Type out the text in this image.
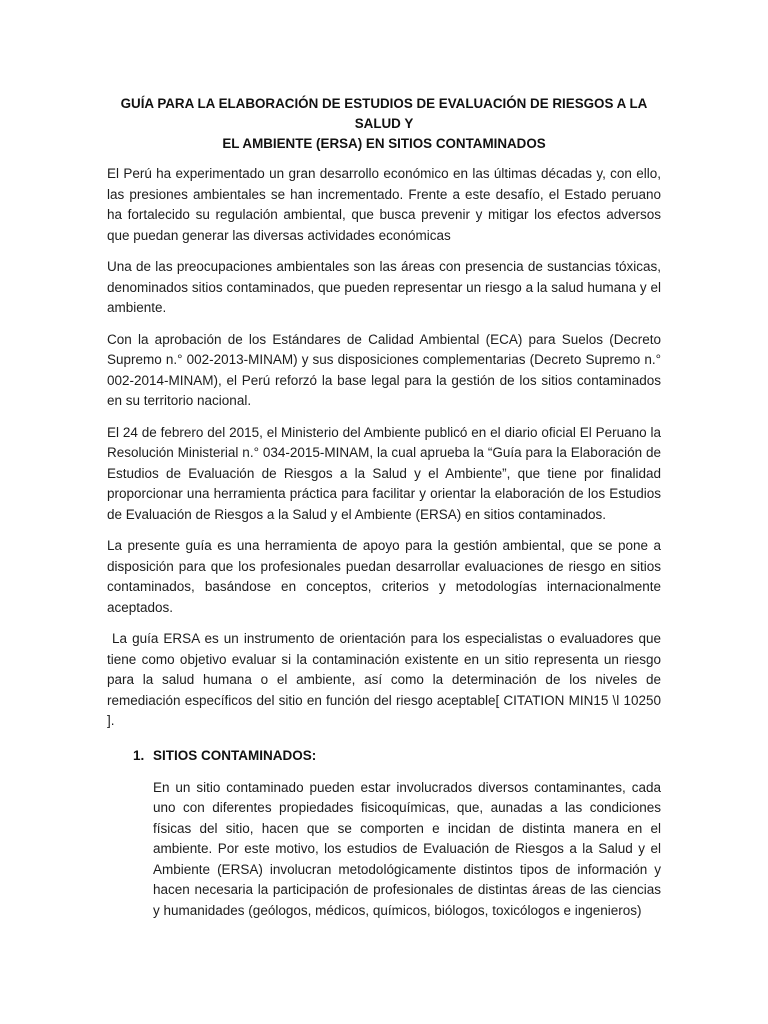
GUÍA PARA LA ELABORACIÓN DE ESTUDIOS DE EVALUACIÓN DE RIESGOS A LA SALUD Y
EL AMBIENTE (ERSA) EN SITIOS CONTAMINADOS

El Perú ha experimentado un gran desarrollo económico en las últimas décadas y, con ello, las presiones ambientales se han incrementado. Frente a este desafío, el Estado peruano ha fortalecido su regulación ambiental, que busca prevenir y mitigar los efectos adversos que puedan generar las diversas actividades económicas

Una de las preocupaciones ambientales son las áreas con presencia de sustancias tóxicas, denominados sitios contaminados, que pueden representar un riesgo a la salud humana y el ambiente.

Con la aprobación de los Estándares de Calidad Ambiental (ECA) para Suelos (Decreto Supremo n.° 002-2013-MINAM) y sus disposiciones complementarias (Decreto Supremo n.° 002-2014-MINAM), el Perú reforzó la base legal para la gestión de los sitios contaminados en su territorio nacional.

El 24 de febrero del 2015, el Ministerio del Ambiente publicó en el diario oficial El Peruano la Resolución Ministerial n.° 034-2015-MINAM, la cual aprueba la “Guía para la Elaboración de Estudios de Evaluación de Riesgos a la Salud y el Ambiente”, que tiene por finalidad proporcionar una herramienta práctica para facilitar y orientar la elaboración de los Estudios de Evaluación de Riesgos a la Salud y el Ambiente (ERSA) en sitios contaminados.

La presente guía es una herramienta de apoyo para la gestión ambiental, que se pone a disposición para que los profesionales puedan desarrollar evaluaciones de riesgo en sitios contaminados, basándose en conceptos, criterios y metodologías internacionalmente aceptados.

La guía ERSA es un instrumento de orientación para los especialistas o evaluadores que tiene como objetivo evaluar si la contaminación existente en un sitio representa un riesgo para la salud humana o el ambiente, así como la determinación de los niveles de remediación específicos del sitio en función del riesgo aceptable[ CITATION MIN15 \l 10250 ].

1. SITIOS CONTAMINADOS:

En un sitio contaminado pueden estar involucrados diversos contaminantes, cada uno con diferentes propiedades fisicoquímicas, que, aunadas a las condiciones físicas del sitio, hacen que se comporten e incidan de distinta manera en el ambiente. Por este motivo, los estudios de Evaluación de Riesgos a la Salud y el Ambiente (ERSA) involucran metodológicamente distintos tipos de información y hacen necesaria la participación de profesionales de distintas áreas de las ciencias y humanidades (geólogos, médicos, químicos, biólogos, toxicólogos e ingenieros)
